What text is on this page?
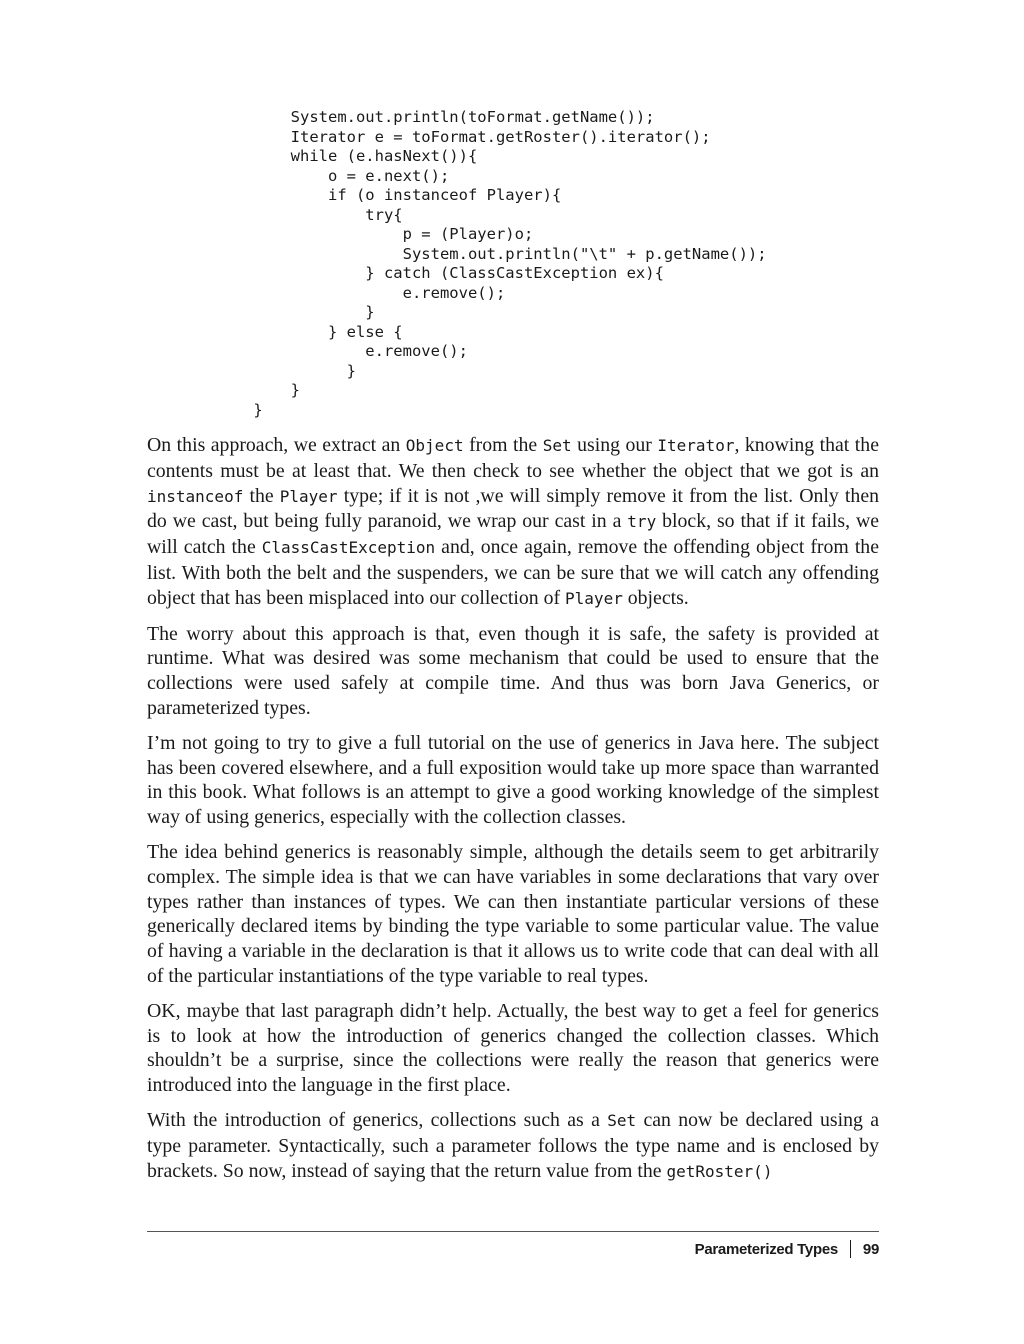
System.out.println(toFormat.getName());
Iterator e = toFormat.getRoster().iterator();
while (e.hasNext()){
o = e.next();
if (o instanceof Player){
try{
p = (Player)o;
System.out.println("\t" + p.getName());
} catch (ClassCastException ex){
e.remove();
}
} else {
e.remove();
}
}
}

On this approach, we extract an Object from the Set using our Iterator, knowing that the contents must be at least that. We then check to see whether the object that we got is an instanceof the Player type; if it is not ,we will simply remove it from the list. Only then do we cast, but being fully paranoid, we wrap our cast in a try block, so that if it fails, we will catch the ClassCastException and, once again, remove the offending object from the list. With both the belt and the suspenders, we can be sure that we will catch any offending object that has been misplaced into our collection of Player objects.

The worry about this approach is that, even though it is safe, the safety is provided at runtime. What was desired was some mechanism that could be used to ensure that the collections were used safely at compile time. And thus was born Java Generics, or parameterized types.

I’m not going to try to give a full tutorial on the use of generics in Java here. The subject has been covered elsewhere, and a full exposition would take up more space than warranted in this book. What follows is an attempt to give a good working knowledge of the simplest way of using generics, especially with the collection classes.

The idea behind generics is reasonably simple, although the details seem to get arbitrarily complex. The simple idea is that we can have variables in some declarations that vary over types rather than instances of types. We can then instantiate particular versions of these generically declared items by binding the type variable to some particular value. The value of having a variable in the declaration is that it allows us to write code that can deal with all of the particular instantiations of the type variable to real types.

OK, maybe that last paragraph didn’t help. Actually, the best way to get a feel for generics is to look at how the introduction of generics changed the collection classes. Which shouldn’t be a surprise, since the collections were really the reason that generics were introduced into the language in the first place.

With the introduction of generics, collections such as a Set can now be declared using a type parameter. Syntactically, such a parameter follows the type name and is enclosed by brackets. So now, instead of saying that the return value from the getRoster()

Parameterized Types 99
